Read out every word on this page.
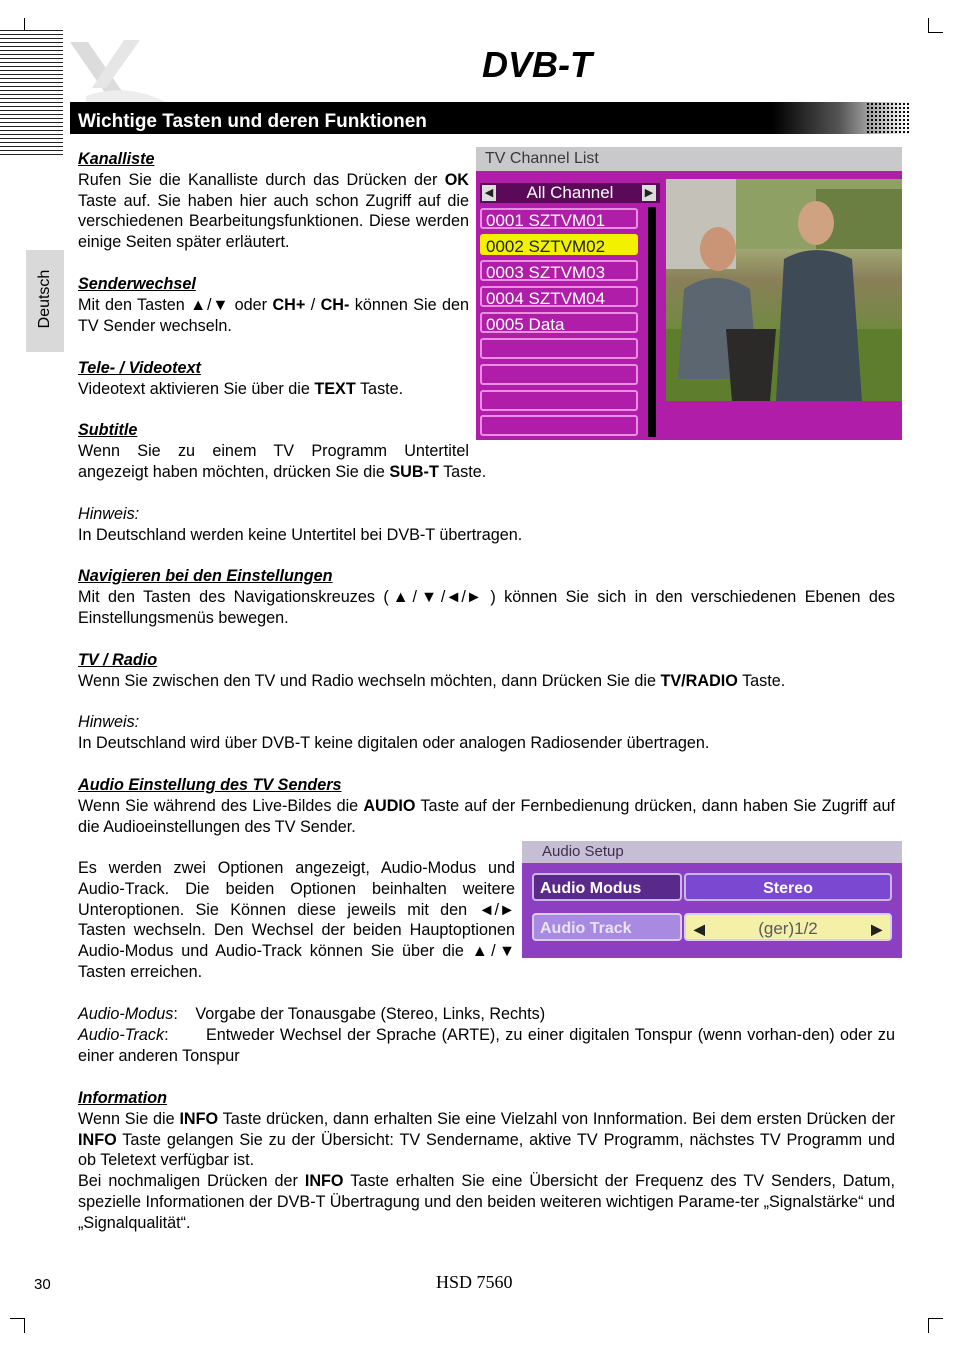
DVB-T
Wichtige Tasten und deren Funktionen
Deutsch
TV Channel List
All Channel
◀	▶
0001 SZTVM01
0002 SZTVM02
0003 SZTVM03
0004 SZTVM04
0005 Data
Kanalliste
Rufen Sie die Kanalliste durch das Drücken der OK Taste auf. Sie haben hier auch schon Zugriff auf die verschiedenen Bearbeitungsfunktionen. Diese werden einige Seiten später erläutert.
Senderwechsel
Mit den Tasten ▲/▼ oder CH+ / CH- können Sie den TV Sender wechseln.
Tele- / Videotext
Videotext aktivieren Sie über die TEXT Taste.
Subtitle
Wenn Sie zu einem TV Programm Untertitel
angezeigt haben möchten, drücken Sie die SUB-T Taste.
Hinweis:
In Deutschland werden keine Untertitel bei DVB-T übertragen.
Navigieren bei den Einstellungen
Mit den Tasten des Navigationskreuzes (▲/▼/◄/► ) können Sie sich in den verschiedenen Ebenen des Einstellungsmenüs bewegen.
TV / Radio
Wenn Sie zwischen den TV und Radio wechseln möchten, dann Drücken Sie die TV/RADIO Taste.
Hinweis:
In Deutschland wird über DVB-T keine digitalen oder analogen Radiosender übertragen.
Audio Einstellung des TV Senders
Wenn Sie während des Live-Bildes die AUDIO Taste auf der Fernbedienung drücken, dann haben Sie Zugriff auf die Audioeinstellungen des TV Sender.
Es werden zwei Optionen angezeigt, Audio-Modus und Audio-Track. Die beiden Optionen beinhalten weitere Unteroptionen. Sie Können diese jeweils mit den ◄/► Tasten wechseln. Den Wechsel der beiden Hauptoptionen Audio-Modus und Audio-Track können Sie über die ▲/▼ Tasten erreichen.
Audio Setup
Audio Modus	Stereo
Audio Track	◀	(ger)1/2	▶
Audio-Modus: Vorgabe der Tonausgabe (Stereo, Links, Rechts)
Audio-Track:	Entweder Wechsel der Sprache (ARTE), zu einer digitalen Tonspur (wenn vorhan-den) oder zu einer anderen Tonspur
Information
Wenn Sie die INFO Taste drücken, dann erhalten Sie eine Vielzahl von Innformation. Bei dem ersten Drücken der INFO Taste gelangen Sie zu der Übersicht: TV Sendername, aktive TV Programm, nächstes TV Programm und ob Teletext verfügbar ist.
Bei nochmaligen Drücken der INFO Taste erhalten Sie eine Übersicht der Frequenz des TV Senders, Datum, spezielle Informationen der DVB-T Übertragung und den beiden weiteren wichtigen Parame-ter „Signalstärke“ und „Signalqualität“.
30	HSD 7560
